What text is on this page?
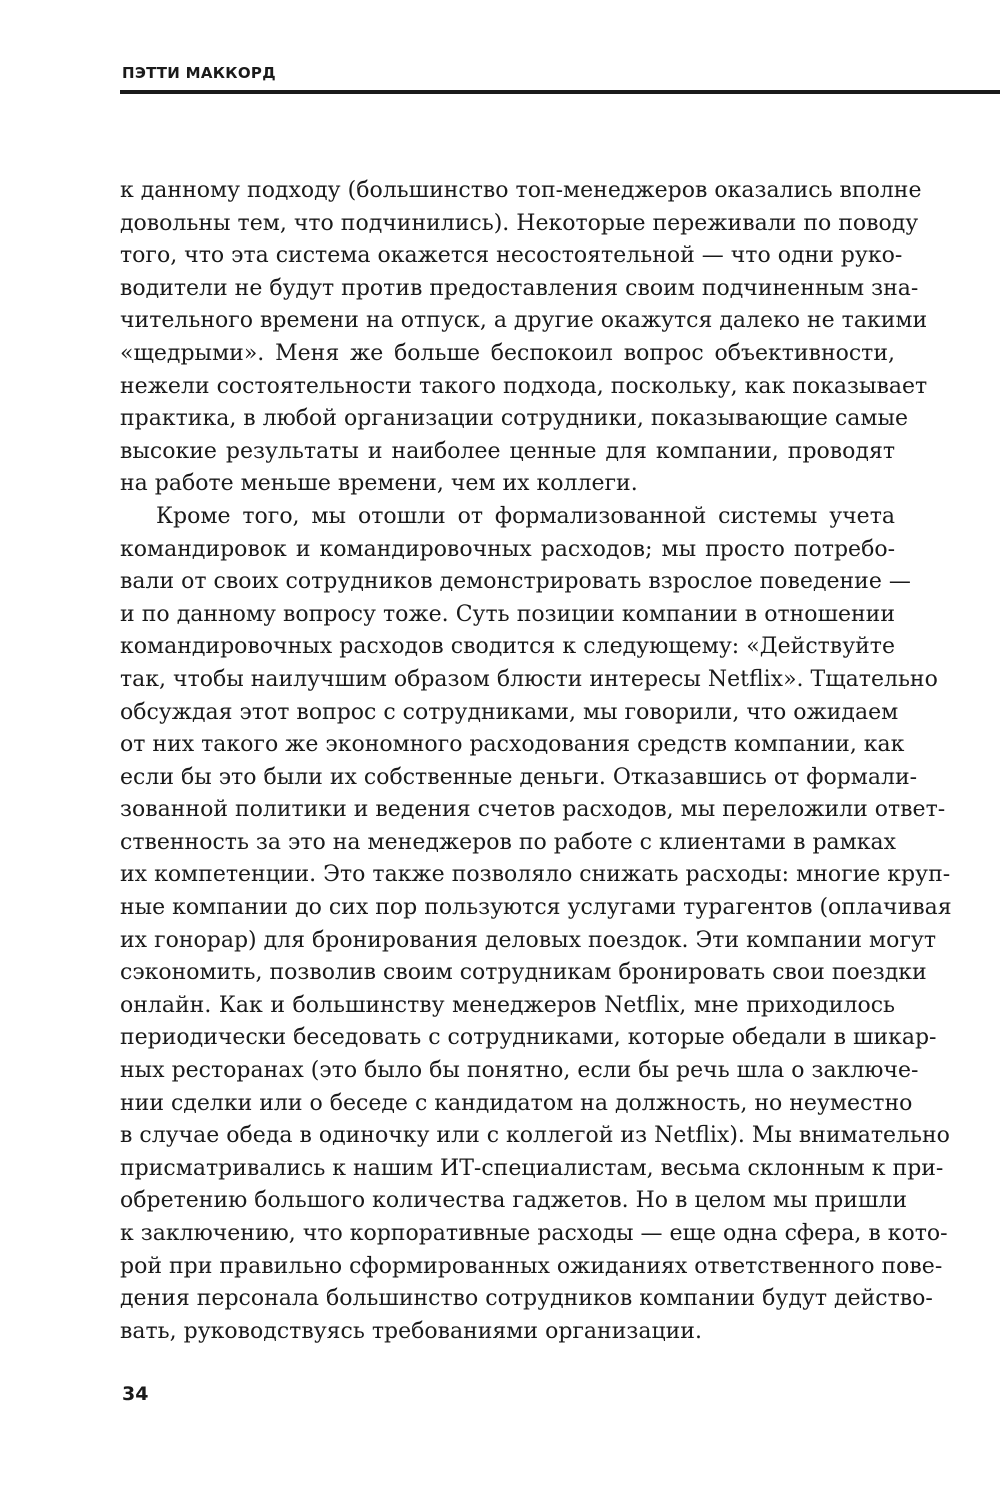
ПЭТТИ МАККОРД
к данному подходу (большинство топ-менеджеров оказались вполне
довольны тем, что подчинились). Некоторые переживали по поводу
того, что эта система окажется несостоятельной — что одни руко-
водители не будут против предоставления своим подчиненным зна-
чительного времени на отпуск, а другие окажутся далеко не такими
«щедрыми». Меня же больше беспокоил вопрос объективности,
нежели состоятельности такого подхода, поскольку, как показывает
практика, в любой организации сотрудники, показывающие самые
высокие результаты и наиболее ценные для компании, проводят
на работе меньше времени, чем их коллеги.
Кроме того, мы отошли от формализованной системы учета
командировок и командировочных расходов; мы просто потребо-
вали от своих сотрудников демонстрировать взрослое поведение —
и по данному вопросу тоже. Суть позиции компании в отношении
командировочных расходов сводится к следующему: «Действуйте
так, чтобы наилучшим образом блюсти интересы Netflix». Тщательно
обсуждая этот вопрос с сотрудниками, мы говорили, что ожидаем
от них такого же экономного расходования средств компании, как
если бы это были их собственные деньги. Отказавшись от формали-
зованной политики и ведения счетов расходов, мы переложили ответ-
ственность за это на менеджеров по работе с клиентами в рамках
их компетенции. Это также позволяло снижать расходы: многие круп-
ные компании до сих пор пользуются услугами турагентов (оплачивая
их гонорар) для бронирования деловых поездок. Эти компании могут
сэкономить, позволив своим сотрудникам бронировать свои поездки
онлайн. Как и большинству менеджеров Netflix, мне приходилось
периодически беседовать с сотрудниками, которые обедали в шикар-
ных ресторанах (это было бы понятно, если бы речь шла о заключе-
нии сделки или о беседе с кандидатом на должность, но неуместно
в случае обеда в одиночку или с коллегой из Netflix). Мы внимательно
присматривались к нашим ИТ-специалистам, весьма склонным к при-
обретению большого количества гаджетов. Но в целом мы пришли
к заключению, что корпоративные расходы — еще одна сфера, в кото-
рой при правильно сформированных ожиданиях ответственного пове-
дения персонала большинство сотрудников компании будут действо-
вать, руководствуясь требованиями организации.
34
